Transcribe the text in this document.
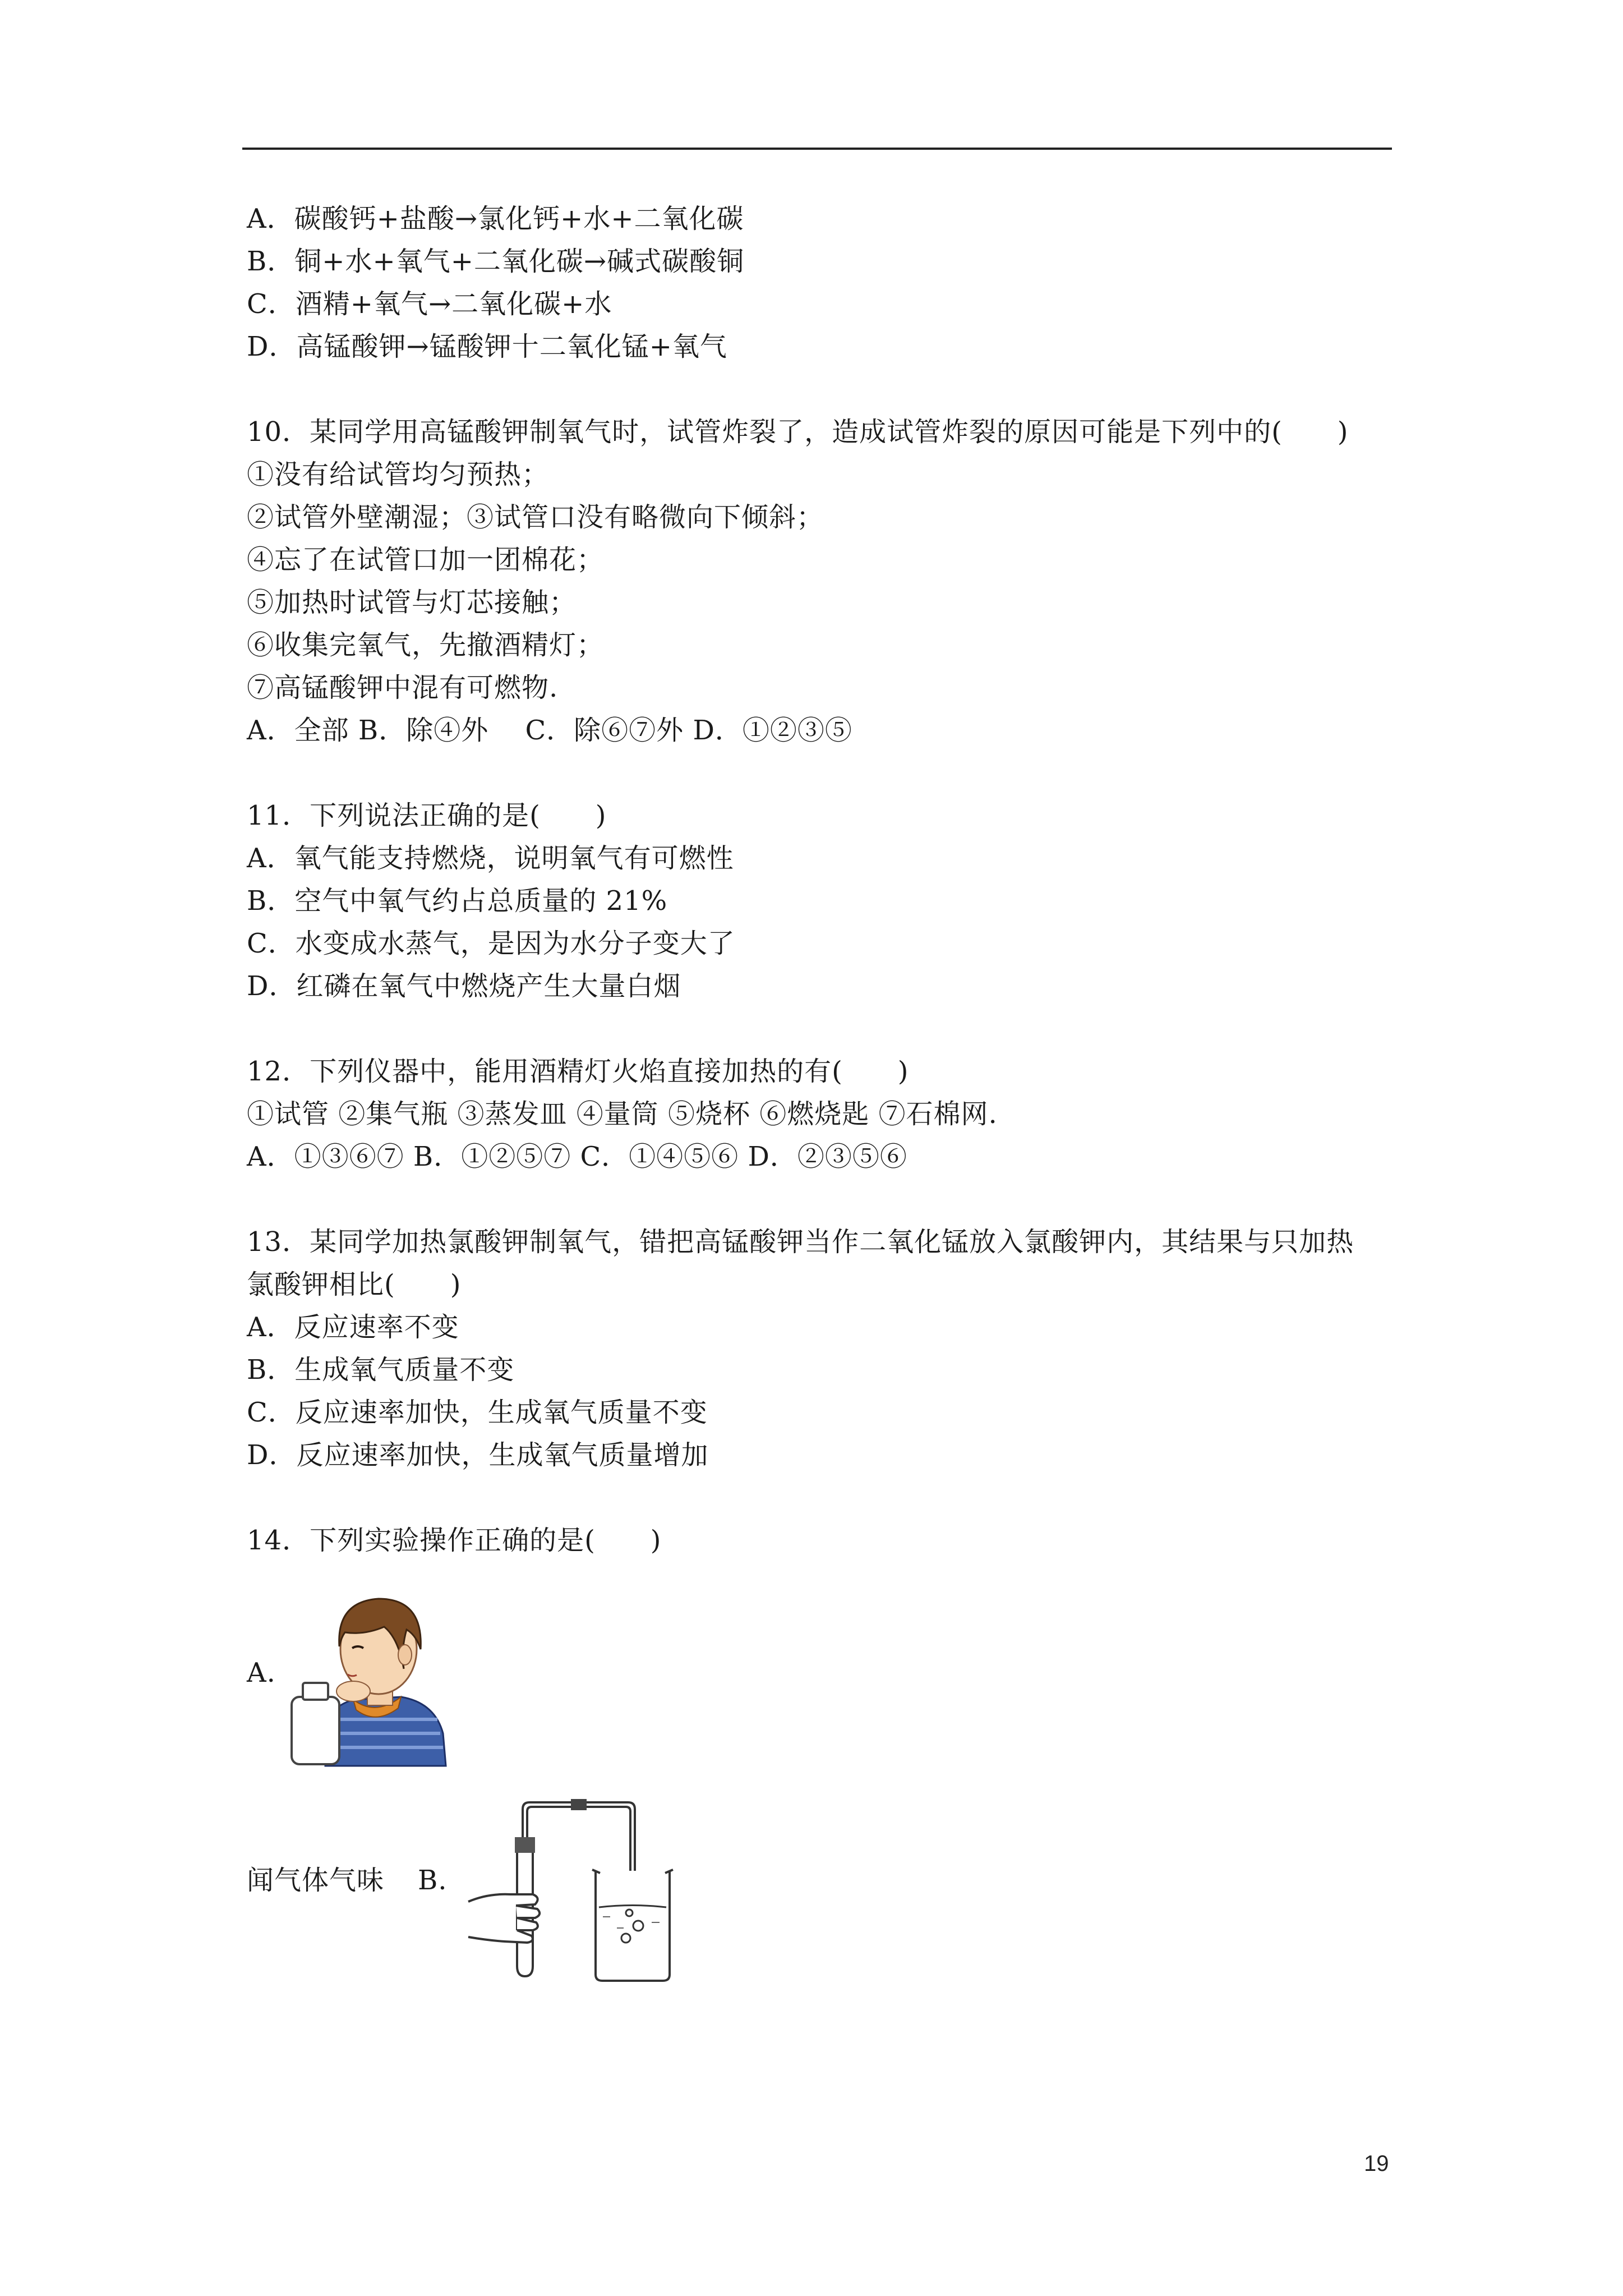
A．碳酸钙+盐酸→氯化钙+水+二氧化碳
B．铜+水+氧气+二氧化碳→碱式碳酸铜
C．酒精+氧气→二氧化碳+水
D．高锰酸钾→锰酸钾十二氧化锰+氧气
10．某同学用高锰酸钾制氧气时，试管炸裂了，造成试管炸裂的原因可能是下列中的(　　)
①没有给试管均匀预热；
②试管外壁潮湿；③试管口没有略微向下倾斜；
④忘了在试管口加一团棉花；
⑤加热时试管与灯芯接触；
⑥收集完氧气，先撤酒精灯；
⑦高锰酸钾中混有可燃物.
A．全部 B．除④外　 C．除⑥⑦外 D．①②③⑤
11．下列说法正确的是(　　)
A．氧气能支持燃烧，说明氧气有可燃性
B．空气中氧气约占总质量的 21%
C．水变成水蒸气，是因为水分子变大了
D．红磷在氧气中燃烧产生大量白烟
12．下列仪器中，能用酒精灯火焰直接加热的有(　　)
①试管 ②集气瓶 ③蒸发皿 ④量筒 ⑤烧杯 ⑥燃烧匙 ⑦石棉网.
A．①③⑥⑦ B．①②⑤⑦ C．①④⑤⑥ D．②③⑤⑥
13．某同学加热氯酸钾制氧气，错把高锰酸钾当作二氧化锰放入氯酸钾内，其结果与只加热
氯酸钾相比(　　)
A．反应速率不变
B．生成氧气质量不变
C．反应速率加快，生成氧气质量不变
D．反应速率加快，生成氧气质量增加
14．下列实验操作正确的是(　　)
A.
闻气体气味 B.
19
